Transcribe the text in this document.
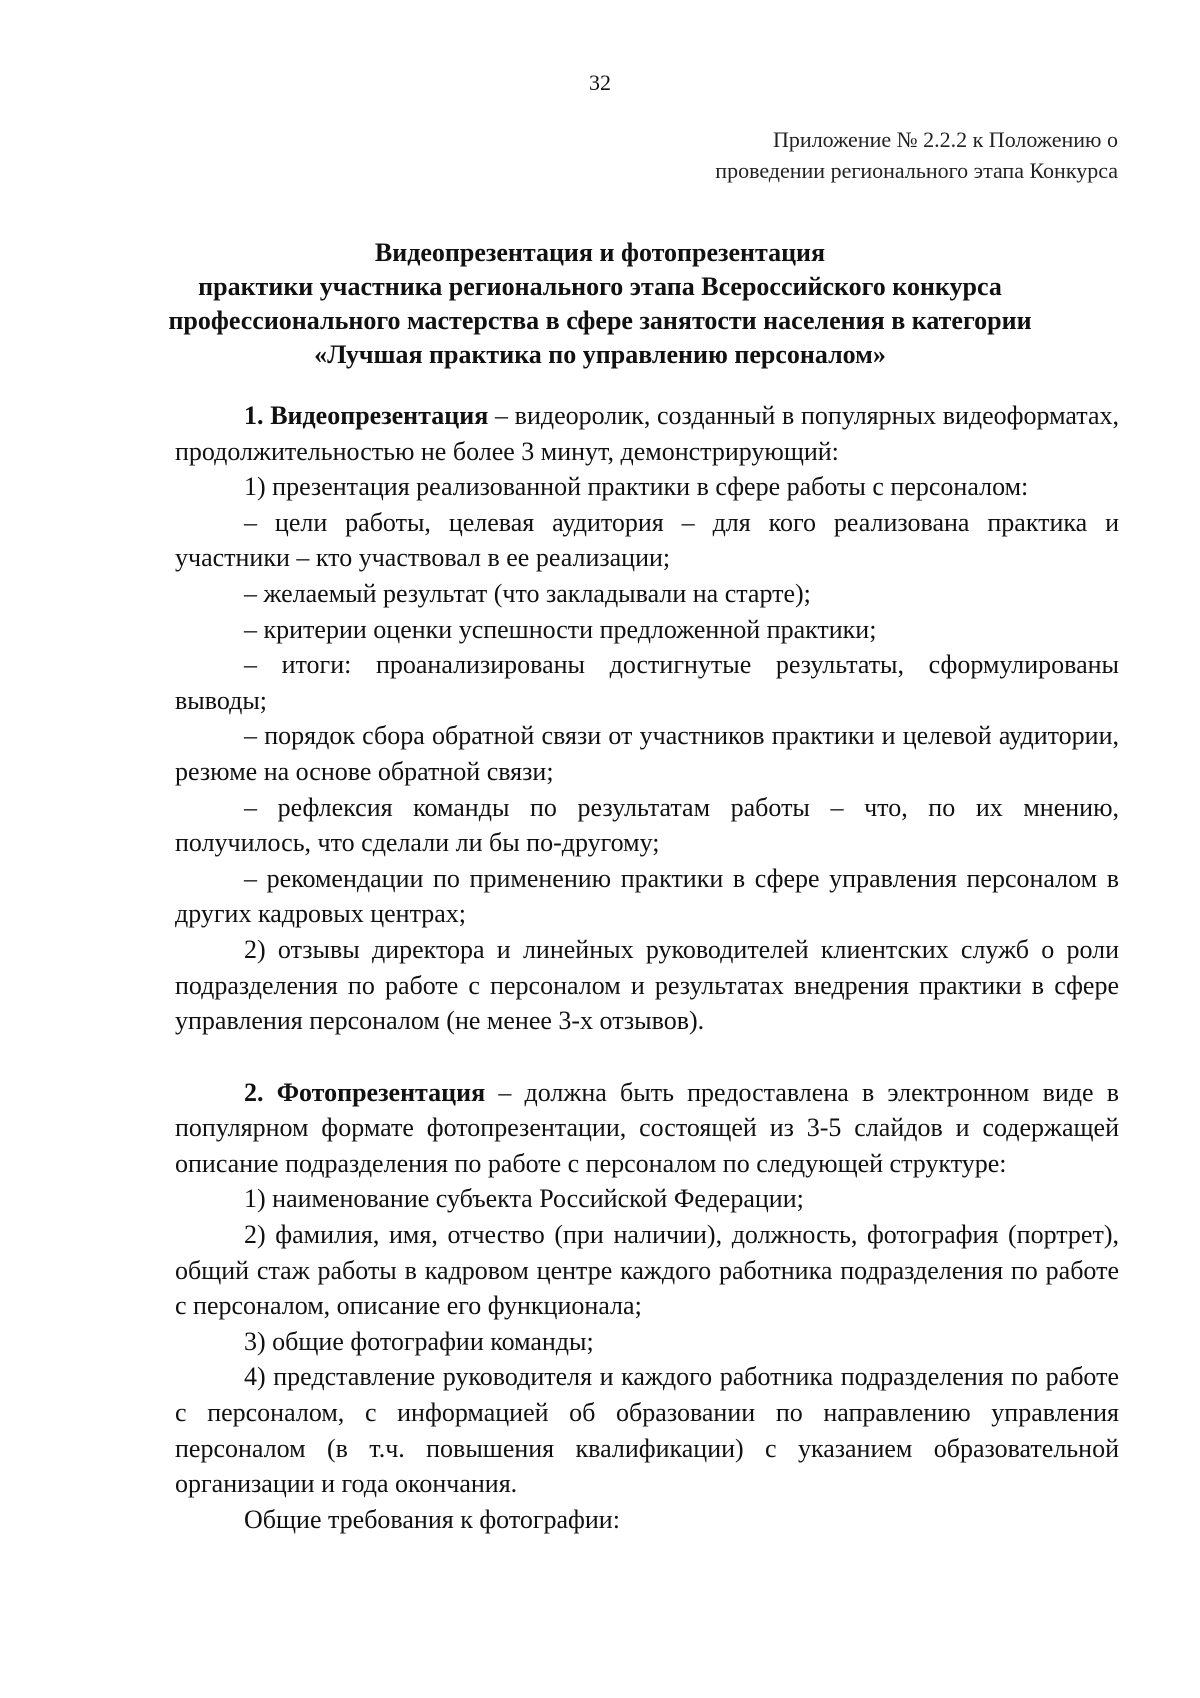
32
Приложение № 2.2.2 к Положению о
проведении регионального этапа Конкурса
Видеопрезентация и фотопрезентация
практики участника регионального этапа Всероссийского конкурса
профессионального мастерства в сфере занятости населения в категории
«Лучшая практика по управлению персоналом»

1. Видеопрезентация – видеоролик, созданный в популярных видеоформатах, продолжительностью не более 3 минут, демонстрирующий:

1) презентация реализованной практики в сфере работы с персоналом:

– цели работы, целевая аудитория – для кого реализована практика и участники – кто участвовал в ее реализации;

– желаемый результат (что закладывали на старте);

– критерии оценки успешности предложенной практики;

– итоги: проанализированы достигнутые результаты, сформулированы выводы;

– порядок сбора обратной связи от участников практики и целевой аудитории, резюме на основе обратной связи;

– рефлексия команды по результатам работы – что, по их мнению, получилось, что сделали ли бы по-другому;

– рекомендации по применению практики в сфере управления персоналом в других кадровых центрах;

2) отзывы директора и линейных руководителей клиентских служб о роли подразделения по работе с персоналом и результатах внедрения практики в сфере управления персоналом (не менее 3-х отзывов).

2. Фотопрезентация – должна быть предоставлена в электронном виде в популярном формате фотопрезентации, состоящей из 3-5 слайдов и содержащей описание подразделения по работе с персоналом по следующей структуре:

1) наименование субъекта Российской Федерации;

2) фамилия, имя, отчество (при наличии), должность, фотография (портрет), общий стаж работы в кадровом центре каждого работника подразделения по работе с персоналом, описание его функционала;

3) общие фотографии команды;

4) представление руководителя и каждого работника подразделения по работе с персоналом, с информацией об образовании по направлению управления персоналом (в т.ч. повышения квалификации) с указанием образовательной организации и года окончания.

Общие требования к фотографии:
